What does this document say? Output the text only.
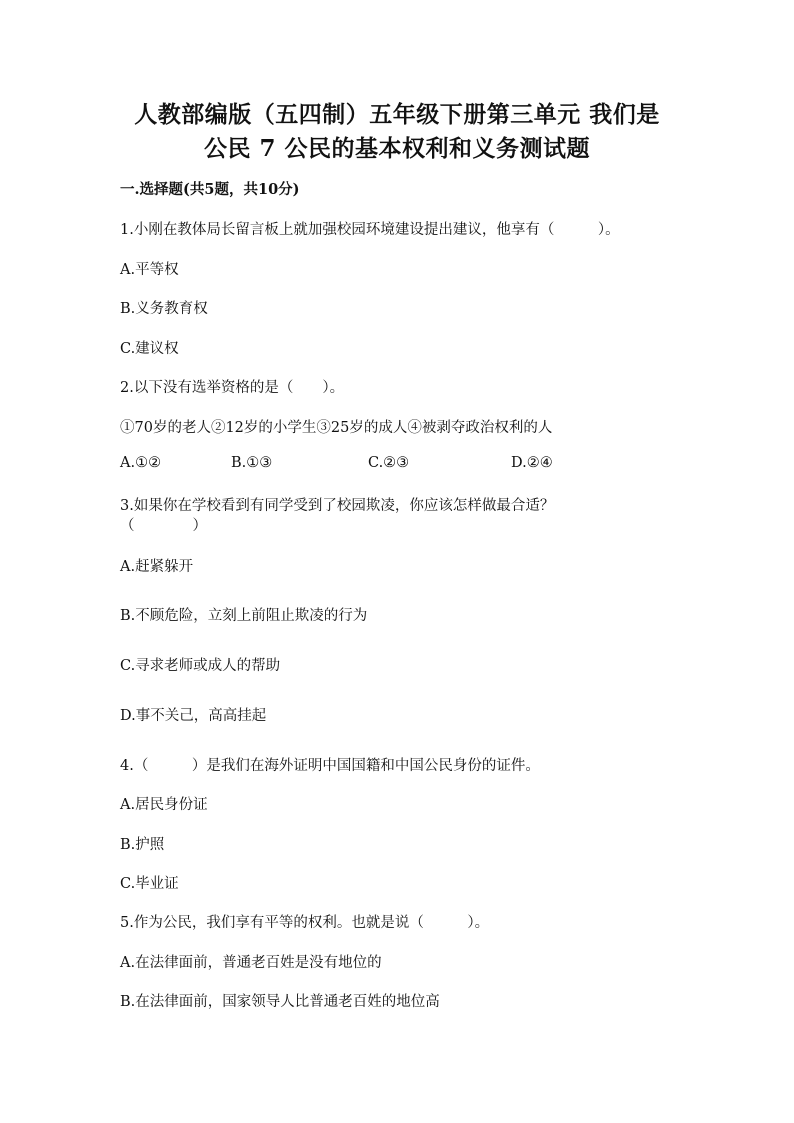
人教部编版（五四制）五年级下册第三单元 我们是
公民 7 公民的基本权利和义务测试题
一.选择题(共5题，共10分)
1.小刚在教体局长留言板上就加强校园环境建设提出建议，他享有（　　　）。
A.平等权
B.义务教育权
C.建议权
2.以下没有选举资格的是（　　）。
①70岁的老人②12岁的小学生③25岁的成人④被剥夺政治权利的人
A.①②	B.①③	C.②③	D.②④
3.如果你在学校看到有同学受到了校园欺凌，你应该怎样做最合适？
（　　　　）
A.赶紧躲开
B.不顾危险，立刻上前阻止欺凌的行为
C.寻求老师或成人的帮助
D.事不关己，高高挂起
4.（　　　）是我们在海外证明中国国籍和中国公民身份的证件。
A.居民身份证
B.护照
C.毕业证
5.作为公民，我们享有平等的权利。也就是说（　　　）。
A.在法律面前，普通老百姓是没有地位的
B.在法律面前，国家领导人比普通老百姓的地位高
